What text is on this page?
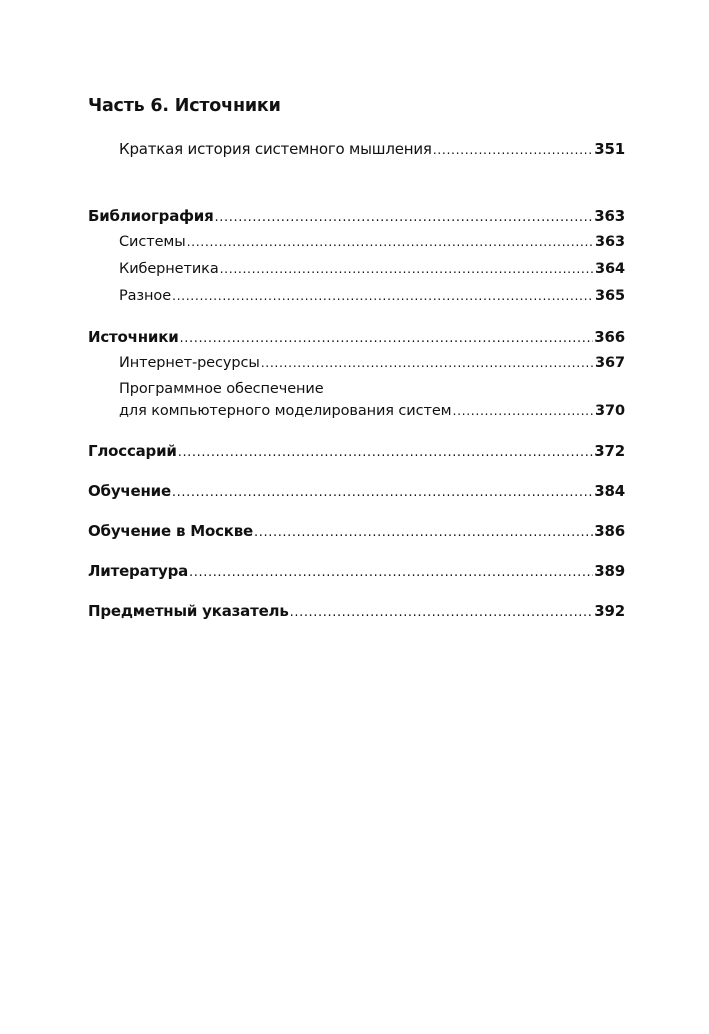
Часть 6. Источники
Краткая история системного мышления .....	351
Библиография .....	363
Системы .....	363
Кибернетика .....	364
Разное .....	365
Источники .....	366
Интернет-ресурсы .....	367
Программное обеспечение
для компьютерного моделирования систем .....	370
Глоссарий .....	372
Обучение .....	384
Обучение в Москве .....	386
Литература .....	389
Предметный указатель .....	392
